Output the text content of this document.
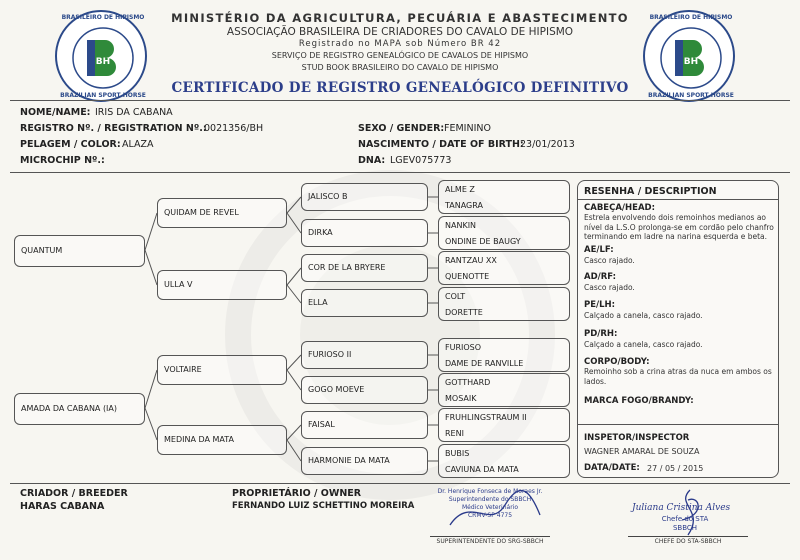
BH
BRASILEIRO DE HIPISMO
BRAZILIAN SPORT HORSE
BH
BRASILEIRO DE HIPISMO
BRAZILIAN SPORT HORSE
MINISTÉRIO DA AGRICULTURA, PECUÁRIA E ABASTECIMENTO
ASSOCIAÇÃO BRASILEIRA DE CRIADORES DO CAVALO DE HIPISMO
Registrado no MAPA sob Número BR 42
SERVIÇO DE REGISTRO GENEALÓGICO DE CAVALOS DE HIPISMO
STUD BOOK BRASILEIRO DO CAVALO DE HIPISMO
CERTIFICADO DE REGISTRO GENEALÓGICO DEFINITIVO
NOME/NAME: IRIS DA CABANA
REGISTRO Nº. / REGISTRATION Nº.:
0021356/BH
PELAGEM / COLOR: ALAZA
MICROCHIP Nº.:
SEXO / GENDER: FEMININO
NASCIMENTO / DATE OF BIRTH:
23/01/2013
DNA: LGEV075773
QUANTUM
AMADA DA CABANA (IA)
QUIDAM DE REVEL
ULLA V
VOLTAIRE
MEDINA DA MATA
JALISCO B
DIRKA
COR DE LA BRYERE
ELLA
FURIOSO II
GOGO MOEVE
FAISAL
HARMONIE DA MATA
ALME Z
TANAGRA
NANKIN
ONDINE DE BAUGY
RANTZAU XX
QUENOTTE
COLT
DORETTE
FURIOSO
DAME DE RANVILLE
GOTTHARD
MOSAIK
FRUHLINGSTRAUM II
RENI
BUBIS
CAVIUNA DA MATA
RESENHA / DESCRIPTION
CABEÇA/HEAD:
Estrela envolvendo dois remoinhos medianos ao nível da L.S.O prolonga-se em cordão pelo chanfro terminando em ladre na narina esquerda e beta.
AE/LF:
Casco rajado.
AD/RF:
Casco rajado.
PE/LH:
Calçado a canela, casco rajado.
PD/RH:
Calçado a canela, casco rajado.
CORPO/BODY:
Remoinho sob a crina atras da nuca em ambos os lados.
MARCA FOGO/BRANDY:
INSPETOR/INSPECTOR
WAGNER AMARAL DE SOUZA
DATA/DATE: 27 / 05 / 2015
CRIADOR / BREEDER
HARAS CABANA
PROPRIETÁRIO / OWNER
FERNANDO LUIZ SCHETTINO MOREIRA
Dr. Henrique Fonseca de Moraes Jr.
Superintendente do SBBCH
Médico Veterinário
CRMV-SP 4775
SUPERINTENDENTE DO SRG-SBBCH
Juliana Cristina Alves
Chefe do STA
SBBCH
CHEFE DO STA-SBBCH
